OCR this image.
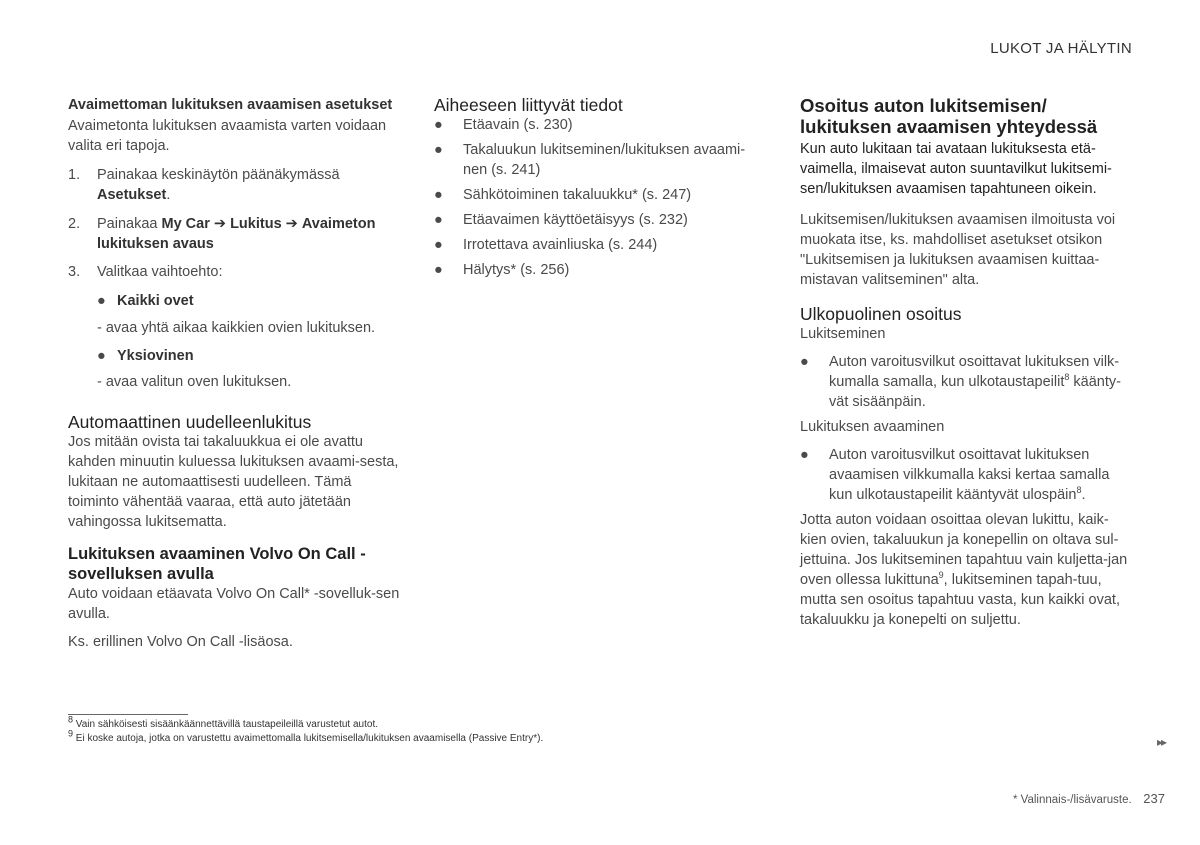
LUKOT JA HÄLYTIN
Avaimettoman lukituksen avaamisen asetukset

Avaimetonta lukituksen avaamista varten voidaan valita eri tapoja.

1. Painakaa keskinäytön päänäkymässä Asetukset.
2. Painakaa My Car ➔ Lukitus ➔ Avaimeton lukituksen avaus
3. Valitkaa vaihtoehto:
● Kaikki ovet

- avaa yhtä aikaa kaikkien ovien lukituksen.

● Yksiovinen

- avaa valitun oven lukituksen.

Automaattinen uudelleenlukitus

Jos mitään ovista tai takaluukkua ei ole avattu kahden minuutin kuluessa lukituksen avaami-sesta, lukitaan ne automaattisesti uudelleen. Tämä toiminto vähentää vaaraa, että auto jätetään vahingossa lukitsematta.

Lukituksen avaaminen Volvo On Call -sovelluksen avulla

Auto voidaan etäavata Volvo On Call* -sovelluk-sen avulla.

Ks. erillinen Volvo On Call -lisäosa.

Aiheeseen liittyvät tiedot
● Etäavain (s. 230)
● Takaluukun lukitseminen/lukituksen avaami-nen (s. 241)
● Sähkötoiminen takaluukku* (s. 247)
● Etäavaimen käyttöetäisyys (s. 232)
● Irrotettava avainliuska (s. 244)
● Hälytys* (s. 256)
Osoitus auton lukitsemisen/ lukituksen avaamisen yhteydessä

Kun auto lukitaan tai avataan lukituksesta etä-vaimella, ilmaisevat auton suuntavilkut lukitsemi-sen/lukituksen avaamisen tapahtuneen oikein.

Lukitsemisen/lukituksen avaamisen ilmoitusta voi muokata itse, ks. mahdolliset asetukset otsikon "Lukitsemisen ja lukituksen avaamisen kuittaa-mistavan valitseminen" alta.

Ulkopuolinen osoitus

Lukitseminen

● Auton varoitusvilkut osoittavat lukituksen vilk-kumalla samalla, kun ulkotaustapeilit$^8$ käänty-vät sisäänpäin.

Lukituksen avaaminen

● Auton varoitusvilkut osoittavat lukituksen avaamisen vilkkumalla kaksi kertaa samalla kun ulkotaustapeilit kääntyvät ulospäin$^8$.

Jotta auton voidaan osoittaa olevan lukittu, kaik-kien ovien, takaluukun ja konepellin on oltava sul-jettuina. Jos lukitseminen tapahtuu vain kuljetta-jan oven ollessa lukittuna$^9$, lukitseminen tapah-tuu, mutta sen osoitus tapahtuu vasta, kun kaikki ovat, takaluukku ja konepelti on suljettu.

$^8$ Vain sähköisesti sisäänkäännettävillä taustapeileillä varustetut autot.
$^9$ Ei koske autoja, jotka on varustettu avaimettomalla lukitsemisella/lukituksen avaamisella (Passive Entry*).	▸▸
* Valinnais-/lisävaruste. 237
